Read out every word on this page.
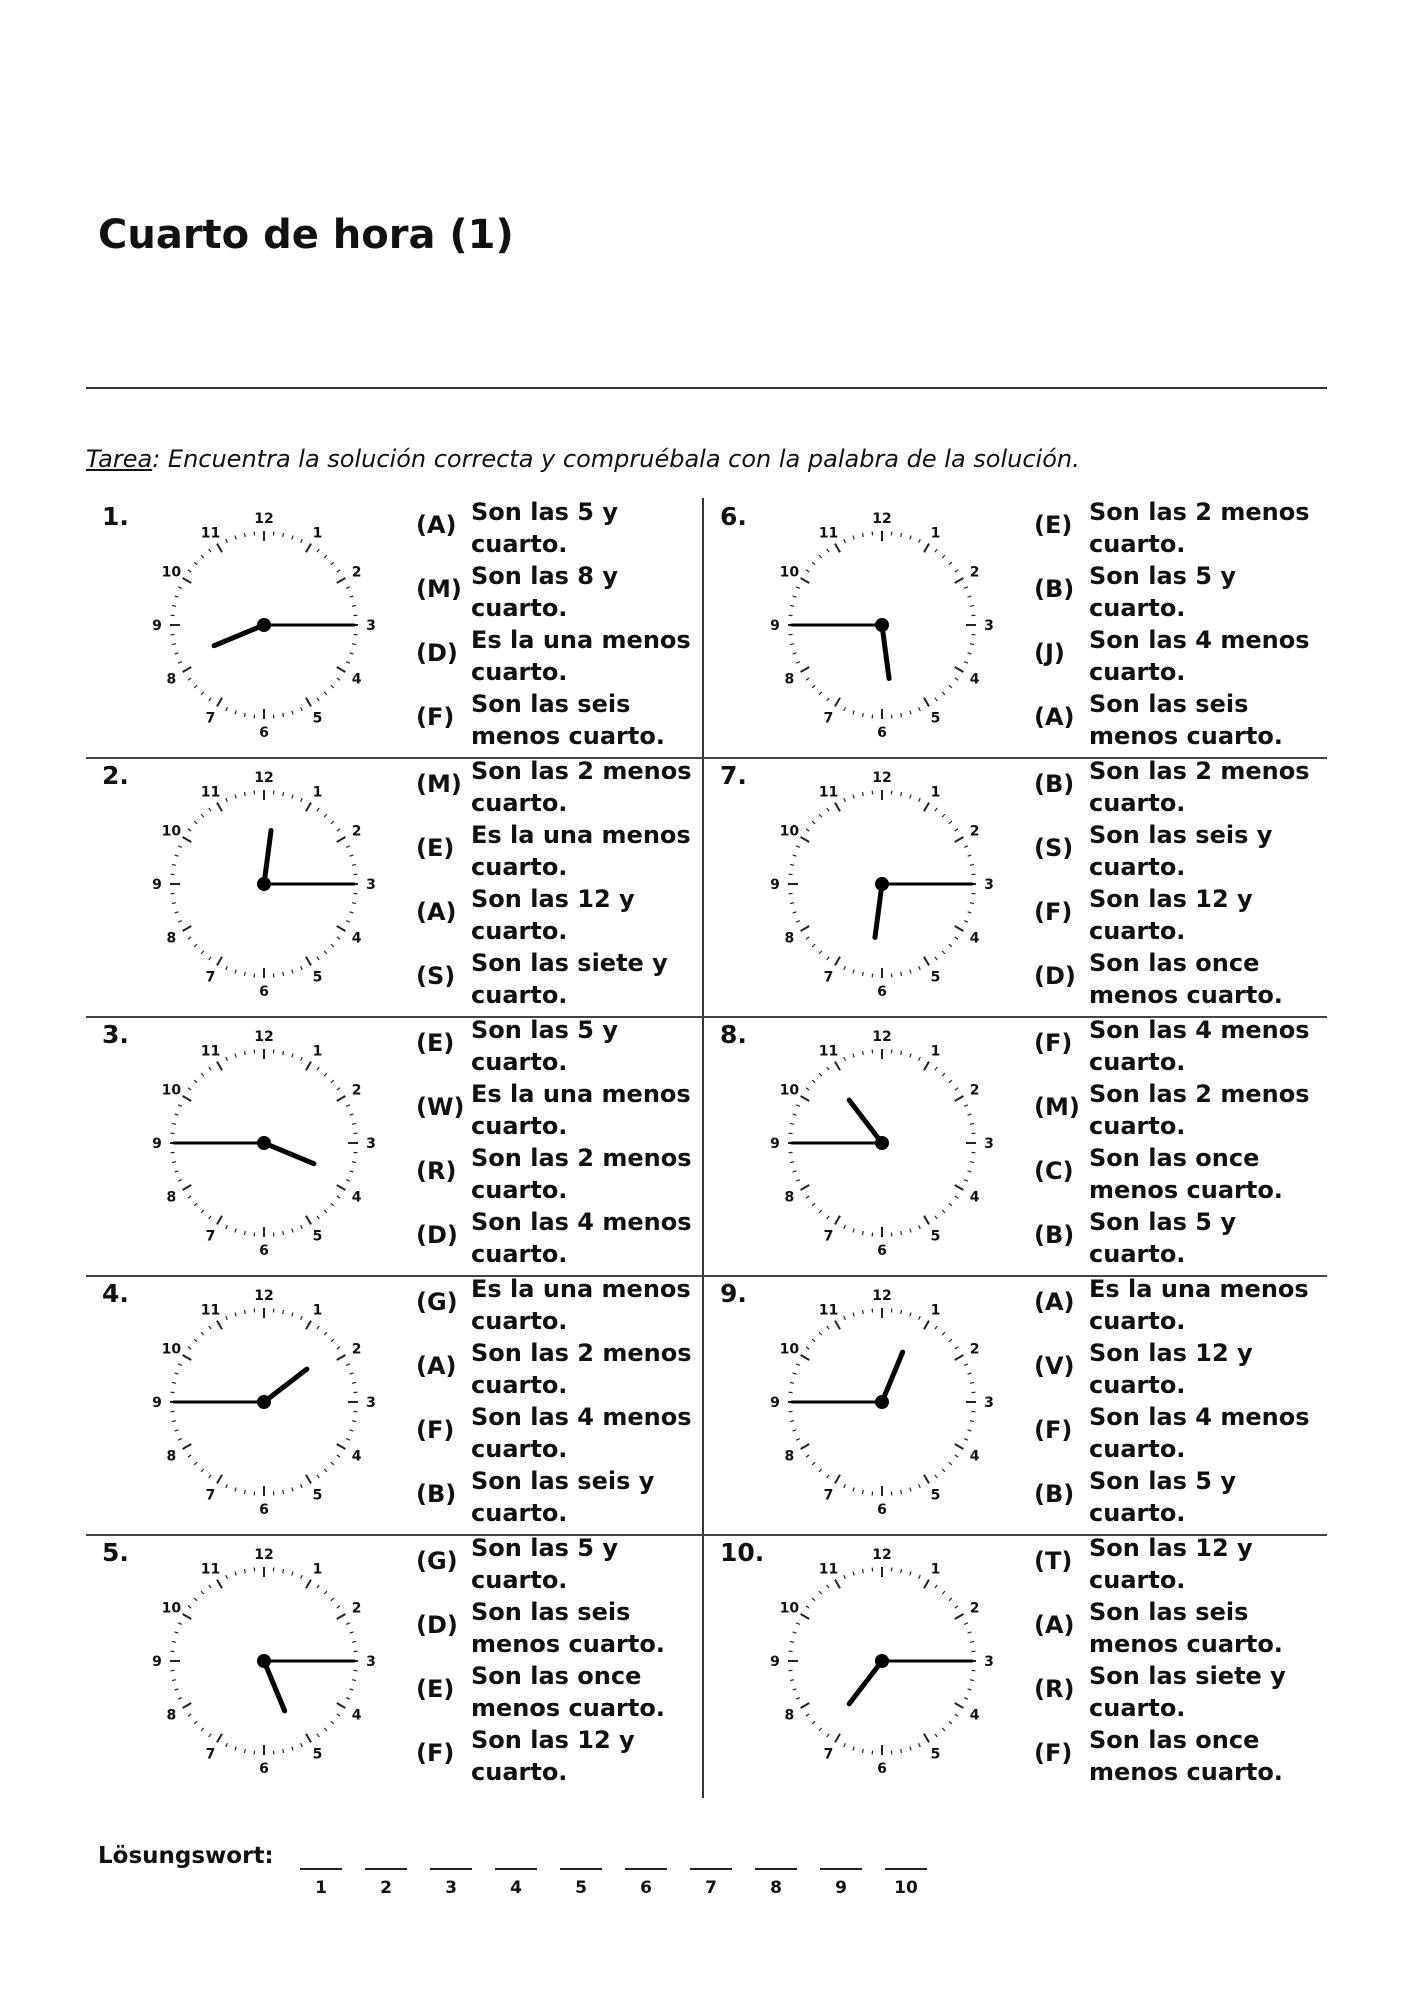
Cuarto de hora (1)
Tarea: Encuentra la solución correcta y compruébala con la palabra de la solución.
1.
1
2
3
4
5
6
7
8
9
10
11
12	(A) Son las 5 y cuarto.
(M) Son las 8 y cuarto.
(D) Es la una menos cuarto.
(F) Son las seis menos cuarto.
2.
1
2
3
4
5
6
7
8
9
10
11
12	(M) Son las 2 menos cuarto.
(E) Es la una menos cuarto.
(A) Son las 12 y cuarto.
(S) Son las siete y cuarto.
3.
1
2
3
4
5
6
7
8
9
10
11
12	(E) Son las 5 y cuarto.
(W) Es la una menos cuarto.
(R) Son las 2 menos cuarto.
(D) Son las 4 menos cuarto.
4.
1
2
3
4
5
6
7
8
9
10
11
12	(G) Es la una menos cuarto.
(A) Son las 2 menos cuarto.
(F) Son las 4 menos cuarto.
(B) Son las seis y cuarto.
5.
1
2
3
4
5
6
7
8
9
10
11
12	(G) Son las 5 y cuarto.
(D) Son las seis menos cuarto.
(E) Son las once menos cuarto.
(F) Son las 12 y cuarto.
6.
1
2
3
4
5
6
7
8
9
10
11
12	(E) Son las 2 menos cuarto.
(B) Son las 5 y cuarto.
(J) Son las 4 menos cuarto.
(A) Son las seis menos cuarto.
7.
1
2
3
4
5
6
7
8
9
10
11
12	(B) Son las 2 menos cuarto.
(S) Son las seis y cuarto.
(F) Son las 12 y cuarto.
(D) Son las once menos cuarto.
8.
1
2
3
4
5
6
7
8
9
10
11
12	(F) Son las 4 menos cuarto.
(M) Son las 2 menos cuarto.
(C) Son las once menos cuarto.
(B) Son las 5 y cuarto.
9.
1
2
3
4
5
6
7
8
9
10
11
12	(A) Es la una menos cuarto.
(V) Son las 12 y cuarto.
(F) Son las 4 menos cuarto.
(B) Son las 5 y cuarto.
10.
1
2
3
4
5
6
7
8
9
10
11
12	(T) Son las 12 y cuarto.
(A) Son las seis menos cuarto.
(R) Son las siete y cuarto.
(F) Son las once menos cuarto.
Lösungswort:
1	2	3	4	5	6	7	8	9	10
